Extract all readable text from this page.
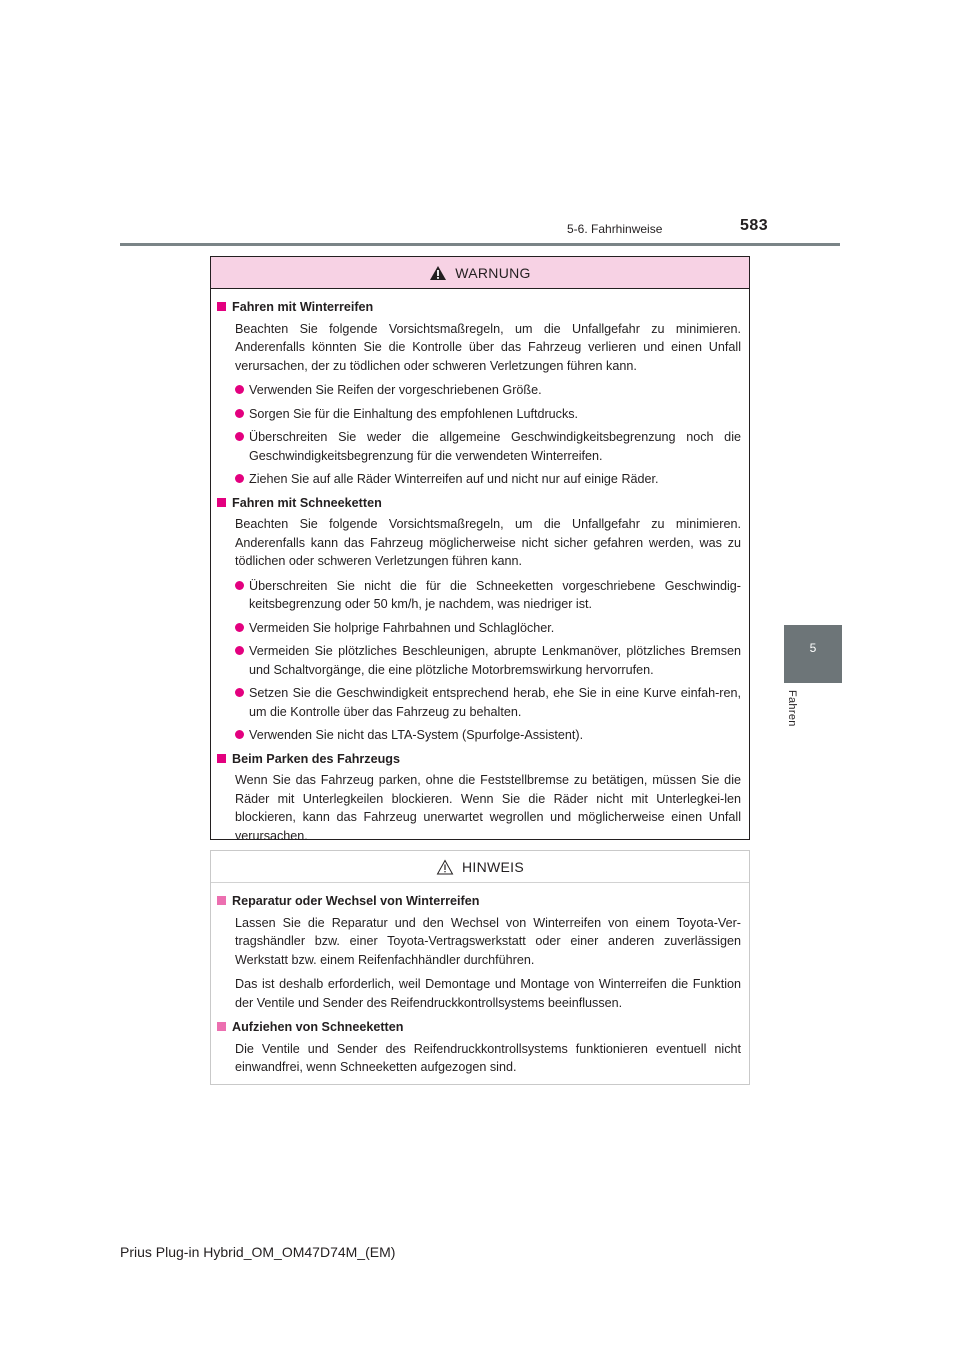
5-6. Fahrhinweise	583
5
Fahren
WARNUNG
Fahren mit Winterreifen
Beachten Sie folgende Vorsichtsmaßregeln, um die Unfallgefahr zu minimieren. Anderenfalls könnten Sie die Kontrolle über das Fahrzeug verlieren und einen Unfall verursachen, der zu tödlichen oder schweren Verletzungen führen kann.
Verwenden Sie Reifen der vorgeschriebenen Größe.
Sorgen Sie für die Einhaltung des empfohlenen Luftdrucks.
Überschreiten Sie weder die allgemeine Geschwindigkeitsbegrenzung noch die Geschwindigkeitsbegrenzung für die verwendeten Winterreifen.
Ziehen Sie auf alle Räder Winterreifen auf und nicht nur auf einige Räder.
Fahren mit Schneeketten
Beachten Sie folgende Vorsichtsmaßregeln, um die Unfallgefahr zu minimieren. Anderenfalls kann das Fahrzeug möglicherweise nicht sicher gefahren werden, was zu tödlichen oder schweren Verletzungen führen kann.
Überschreiten Sie nicht die für die Schneeketten vorgeschriebene Geschwindig-keitsbegrenzung oder 50 km/h, je nachdem, was niedriger ist.
Vermeiden Sie holprige Fahrbahnen und Schlaglöcher.
Vermeiden Sie plötzliches Beschleunigen, abrupte Lenkmanöver, plötzliches Bremsen und Schaltvorgänge, die eine plötzliche Motorbremswirkung hervorrufen.
Setzen Sie die Geschwindigkeit entsprechend herab, ehe Sie in eine Kurve einfah-ren, um die Kontrolle über das Fahrzeug zu behalten.
Verwenden Sie nicht das LTA-System (Spurfolge-Assistent).
Beim Parken des Fahrzeugs
Wenn Sie das Fahrzeug parken, ohne die Feststellbremse zu betätigen, müssen Sie die Räder mit Unterlegkeilen blockieren. Wenn Sie die Räder nicht mit Unterlegkei-len blockieren, kann das Fahrzeug unerwartet wegrollen und möglicherweise einen Unfall verursachen.
HINWEIS
Reparatur oder Wechsel von Winterreifen
Lassen Sie die Reparatur und den Wechsel von Winterreifen von einem Toyota-Ver-tragshändler bzw. einer Toyota-Vertragswerkstatt oder einer anderen zuverlässigen Werkstatt bzw. einem Reifenfachhändler durchführen.
Das ist deshalb erforderlich, weil Demontage und Montage von Winterreifen die Funktion der Ventile und Sender des Reifendruckkontrollsystems beeinflussen.
Aufziehen von Schneeketten
Die Ventile und Sender des Reifendruckkontrollsystems funktionieren eventuell nicht einwandfrei, wenn Schneeketten aufgezogen sind.
Prius Plug-in Hybrid_OM_OM47D74M_(EM)
